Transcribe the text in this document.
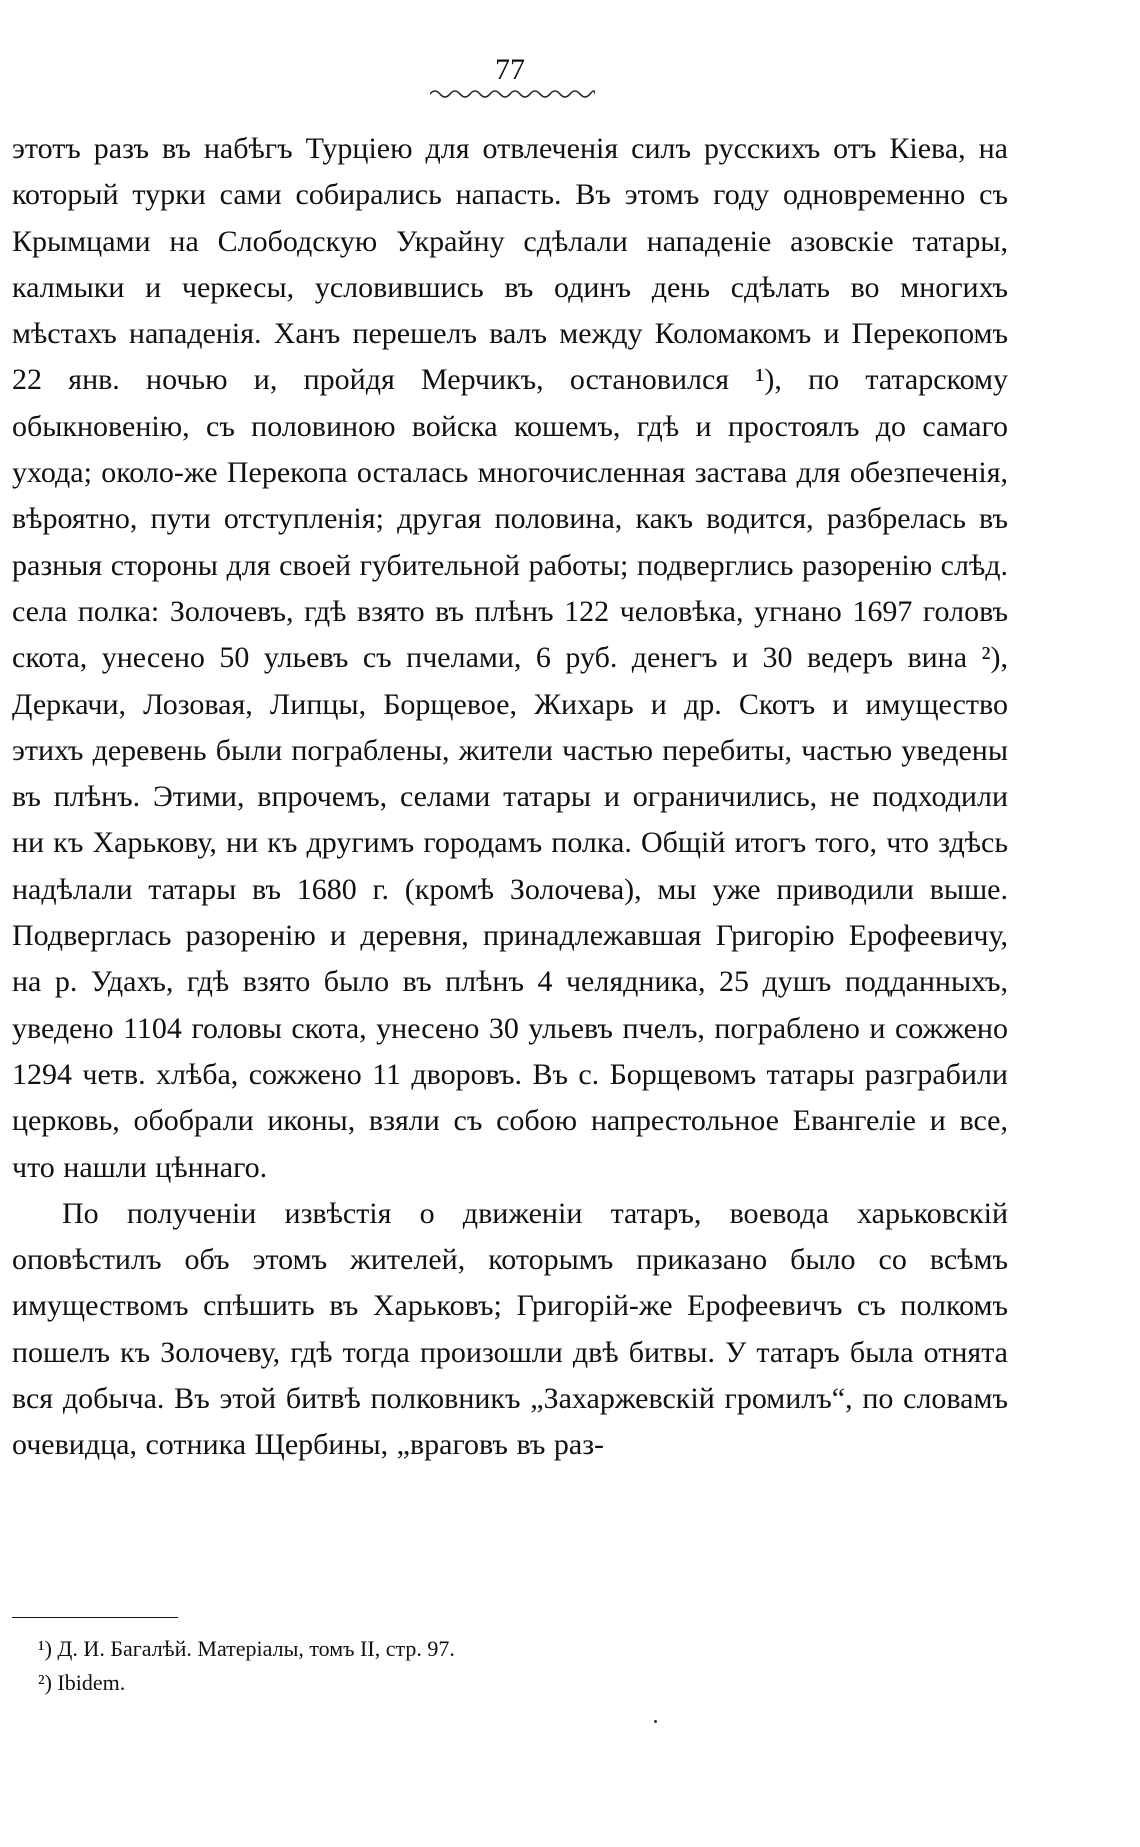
77

этотъ разъ въ набѣгъ Турціею для отвлеченія силъ русскихъ отъ Кіева, на который турки сами собирались напасть. Въ этомъ году одновременно съ Крымцами на Слободскую Украйну сдѣлали нападеніе азовскіе татары, калмыки и черкесы, условившись въ одинъ день сдѣлать во многихъ мѣстахъ нападенія. Ханъ перешелъ валъ между Коломакомъ и Перекопомъ 22 янв. ночью и, пройдя Мерчикъ, остановился ¹), по татарскому обыкновенію, съ половиною войска кошемъ, гдѣ и простоялъ до самаго ухода; около-же Перекопа осталась многочисленная застава для обезпеченія, вѣроятно, пути отступленія; другая половина, какъ водится, разбрелась въ разныя стороны для своей губительной работы; подверглись разоренію слѣд. села полка: Золочевъ, гдѣ взято въ плѣнъ 122 человѣка, угнано 1697 головъ скота, унесено 50 ульевъ съ пчелами, 6 руб. денегъ и 30 ведеръ вина ²), Деркачи, Лозовая, Липцы, Борщевое, Жихарь и др. Скотъ и имущество этихъ деревень были пограблены, жители частью перебиты, частью уведены въ плѣнъ. Этими, впрочемъ, селами татары и ограничились, не подходили ни къ Харькову, ни къ другимъ городамъ полка. Общій итогъ того, что здѣсь надѣлали татары въ 1680 г. (кромѣ Золочева), мы уже приводили выше. Подверглась разоренію и деревня, принадлежавшая Григорію Ерофеевичу, на р. Удахъ, гдѣ взято было въ плѣнъ 4 челядника, 25 душъ подданныхъ, уведено 1104 головы скота, унесено 30 ульевъ пчелъ, пограблено и сожжено 1294 четв. хлѣба, сожжено 11 дворовъ. Въ с. Борщевомъ татары разграбили церковь, обобрали иконы, взяли съ собою напрестольное Евангеліе и все, что нашли цѣннаго.

По полученіи извѣстія о движеніи татаръ, воевода харьковскій оповѣстилъ объ этомъ жителей, которымъ приказано было со всѣмъ имуществомъ спѣшить въ Харьковъ; Григорій-же Ерофеевичъ съ полкомъ пошелъ къ Золочеву, гдѣ тогда произошли двѣ битвы. У татаръ была отнята вся добыча. Въ этой битвѣ полковникъ „Захаржевскій громилъ“, по словамъ очевидца, сотника Щербины, „враговъ въ раз-

¹) Д. И. Багалѣй. Матеріалы, томъ II, стр. 97.

²) Ibidem.
